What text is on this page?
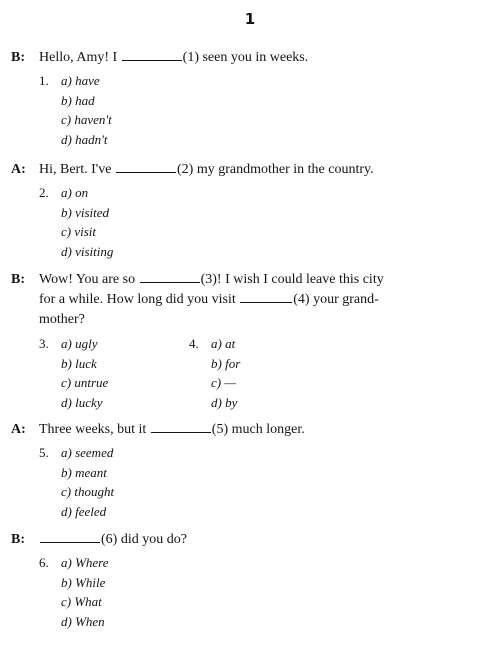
1
B: Hello, Amy! I	(1) seen you in weeks.
1. a) have
b) had
c) haven't
d) hadn't
A: Hi, Bert. I've	(2) my grandmother in the country.
2. a) on
b) visited
c) visit
d) visiting
B: Wow! You are so	(3)! I wish I could leave this city
for a while. How long did you visit	(4) your grand-
mother?
3. a) ugly	4. a) at
b) luck	b) for
c) untrue	c) —
d) lucky	d) by
A: Three weeks, but it	(5) much longer.
5. a) seemed
b) meant
c) thought
d) feeled
B:	(6) did you do?
6. a) Where
b) While
c) What
d) When
